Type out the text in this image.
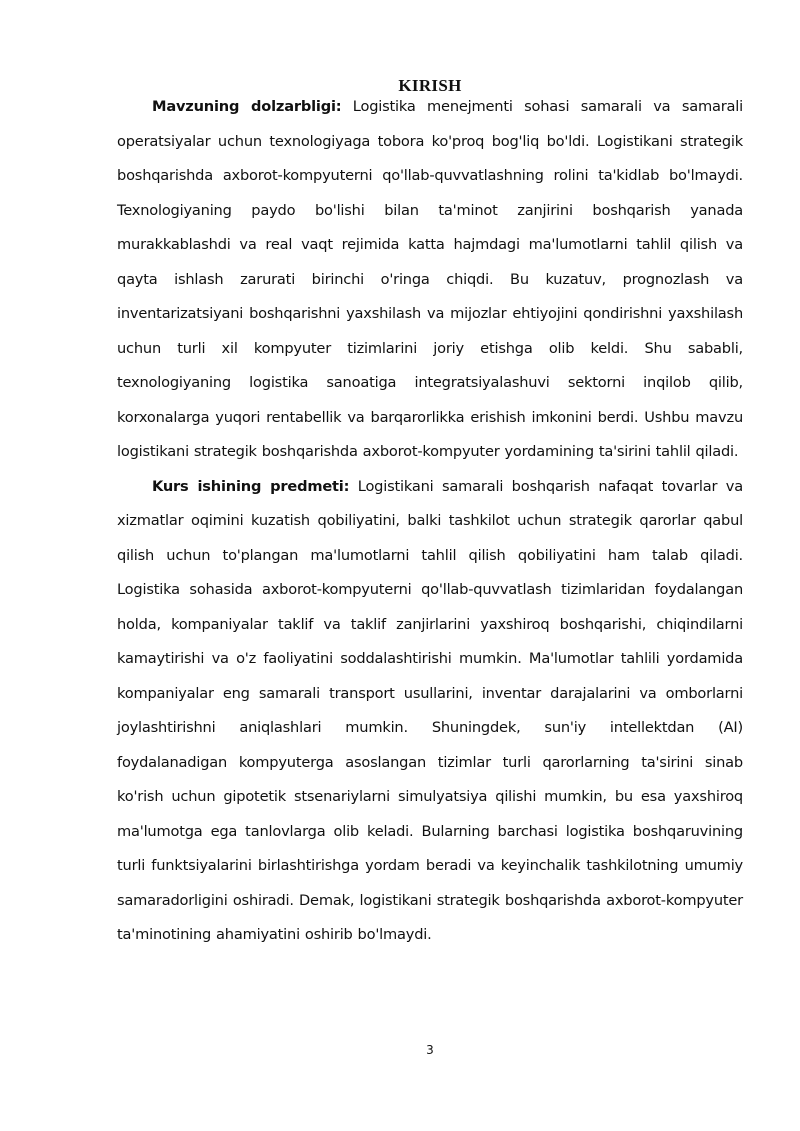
KIRISH

Mavzuning dolzarbligi: Logistika menejmenti sohasi samarali va samarali operatsiyalar uchun texnologiyaga tobora ko'proq bog'liq bo'ldi. Logistikani strategik boshqarishda axborot-kompyuterni qo'llab-quvvatlashning rolini ta'kidlab bo'lmaydi. Texnologiyaning paydo bo'lishi bilan ta'minot zanjirini boshqarish yanada murakkablashdi va real vaqt rejimida katta hajmdagi ma'lumotlarni tahlil qilish va qayta ishlash zarurati birinchi o'ringa chiqdi. Bu kuzatuv, prognozlash va inventarizatsiyani boshqarishni yaxshilash va mijozlar ehtiyojini qondirishni yaxshilash uchun turli xil kompyuter tizimlarini joriy etishga olib keldi. Shu sababli, texnologiyaning logistika sanoatiga integratsiyalashuvi sektorni inqilob qilib, korxonalarga yuqori rentabellik va barqarorlikka erishish imkonini berdi. Ushbu mavzu logistikani strategik boshqarishda axborot-kompyuter yordamining ta'sirini tahlil qiladi.

Kurs ishining predmeti: Logistikani samarali boshqarish nafaqat tovarlar va xizmatlar oqimini kuzatish qobiliyatini, balki tashkilot uchun strategik qarorlar qabul qilish uchun to'plangan ma'lumotlarni tahlil qilish qobiliyatini ham talab qiladi. Logistika sohasida axborot-kompyuterni qo'llab-quvvatlash tizimlaridan foydalangan holda, kompaniyalar taklif va taklif zanjirlarini yaxshiroq boshqarishi, chiqindilarni kamaytirishi va o'z faoliyatini soddalashtirishi mumkin. Ma'lumotlar tahlili yordamida kompaniyalar eng samarali transport usullarini, inventar darajalarini va omborlarni joylashtirishni aniqlashlari mumkin. Shuningdek, sun'iy intellektdan (AI) foydalanadigan kompyuterga asoslangan tizimlar turli qarorlarning ta'sirini sinab ko'rish uchun gipotetik stsenariylarni simulyatsiya qilishi mumkin, bu esa yaxshiroq ma'lumotga ega tanlovlarga olib keladi. Bularning barchasi logistika boshqaruvining turli funktsiyalarini birlashtirishga yordam beradi va keyinchalik tashkilotning umumiy samaradorligini oshiradi. Demak, logistikani strategik boshqarishda axborot-kompyuter ta'minotining ahamiyatini oshirib bo'lmaydi.

3
